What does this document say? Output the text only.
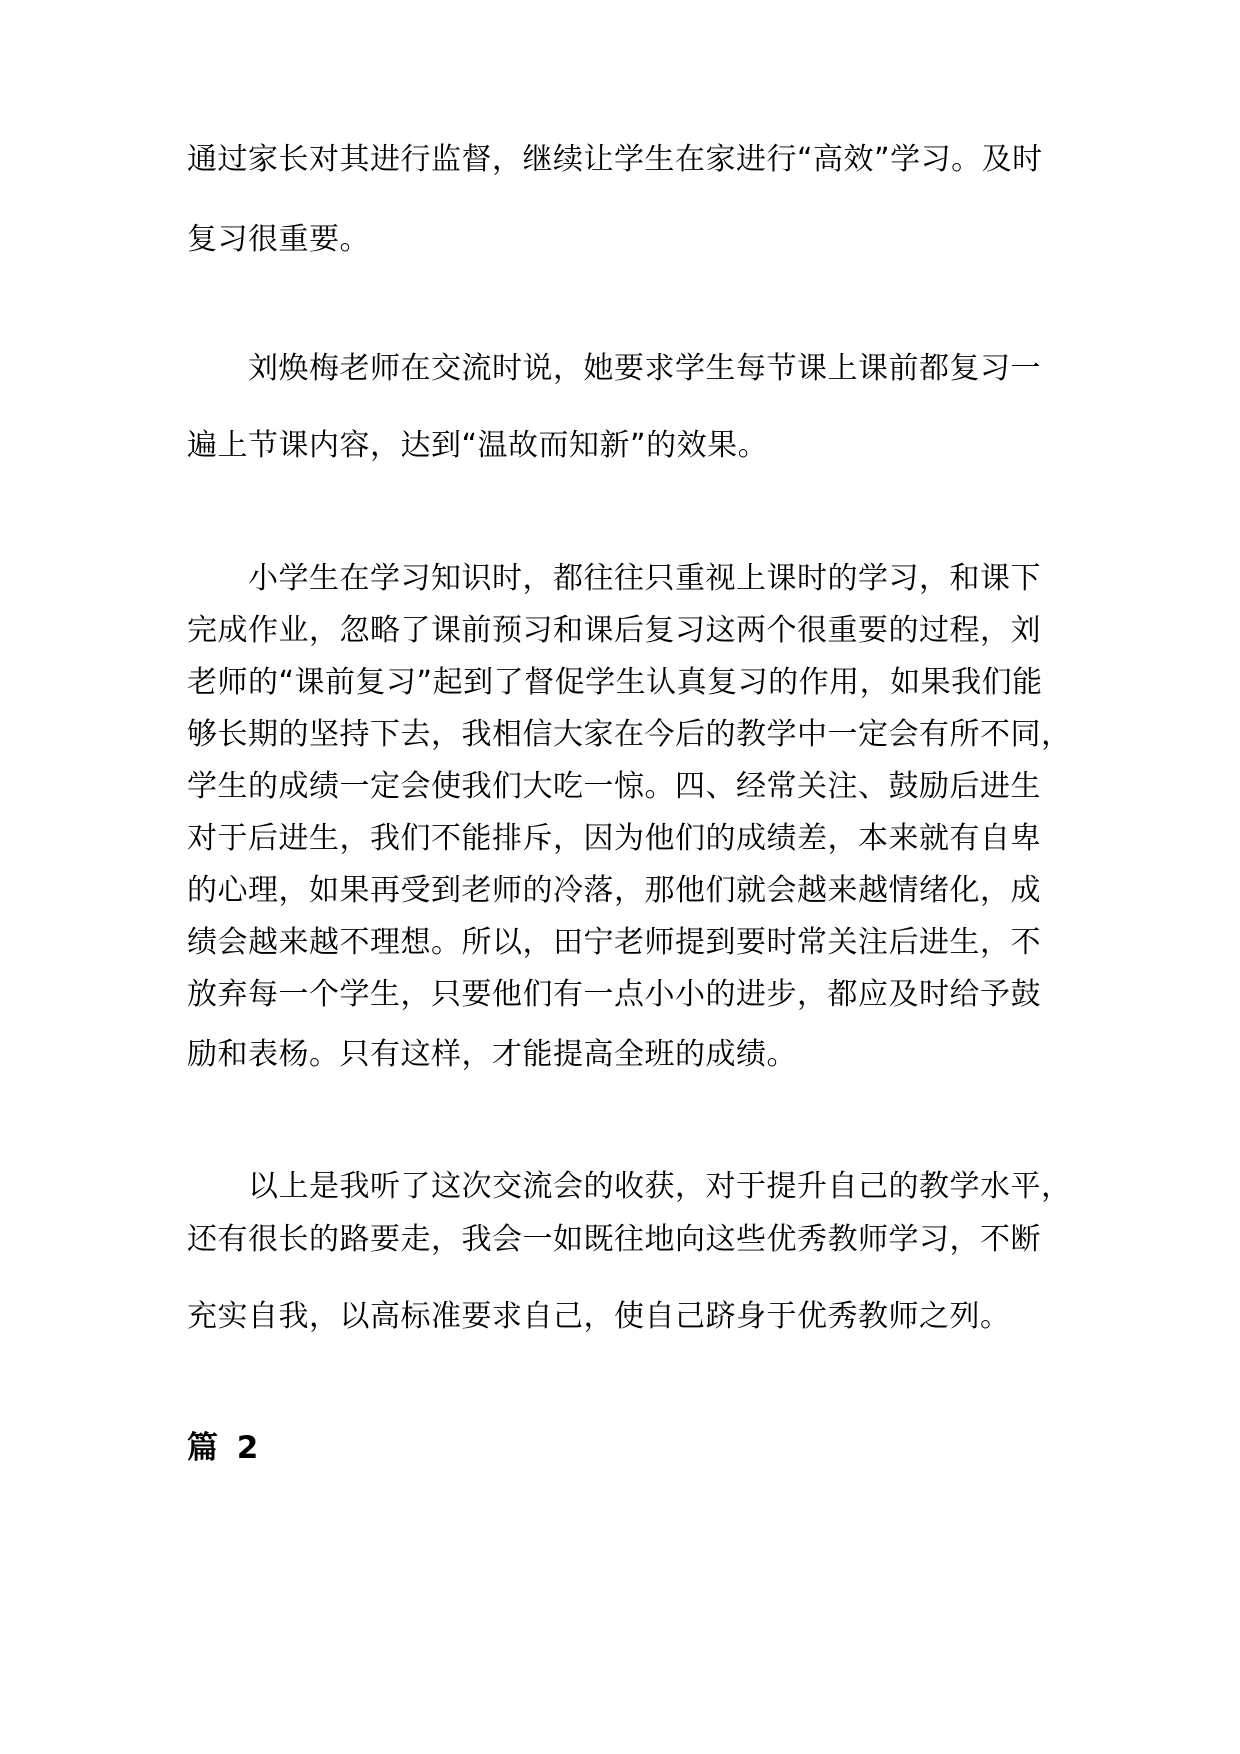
通过家长对其进行监督，继续让学生在家进行“高效”学习。及时
复习很重要。
　　刘焕梅老师在交流时说，她要求学生每节课上课前都复习一
遍上节课内容，达到“温故而知新”的效果。
　　小学生在学习知识时，都往往只重视上课时的学习，和课下
完成作业，忽略了课前预习和课后复习这两个很重要的过程，刘
老师的“课前复习”起到了督促学生认真复习的作用，如果我们能
够长期的坚持下去，我相信大家在今后的教学中一定会有所不同，
学生的成绩一定会使我们大吃一惊。四、经常关注、鼓励后进生
对于后进生，我们不能排斥，因为他们的成绩差，本来就有自卑
的心理，如果再受到老师的冷落，那他们就会越来越情绪化，成
绩会越来越不理想。所以，田宁老师提到要时常关注后进生，不
放弃每一个学生，只要他们有一点小小的进步，都应及时给予鼓
励和表杨。只有这样，才能提高全班的成绩。
　　以上是我听了这次交流会的收获，对于提升自己的教学水平，
还有很长的路要走，我会一如既往地向这些优秀教师学习，不断
充实自我，以高标准要求自己，使自己跻身于优秀教师之列。
篇 2
